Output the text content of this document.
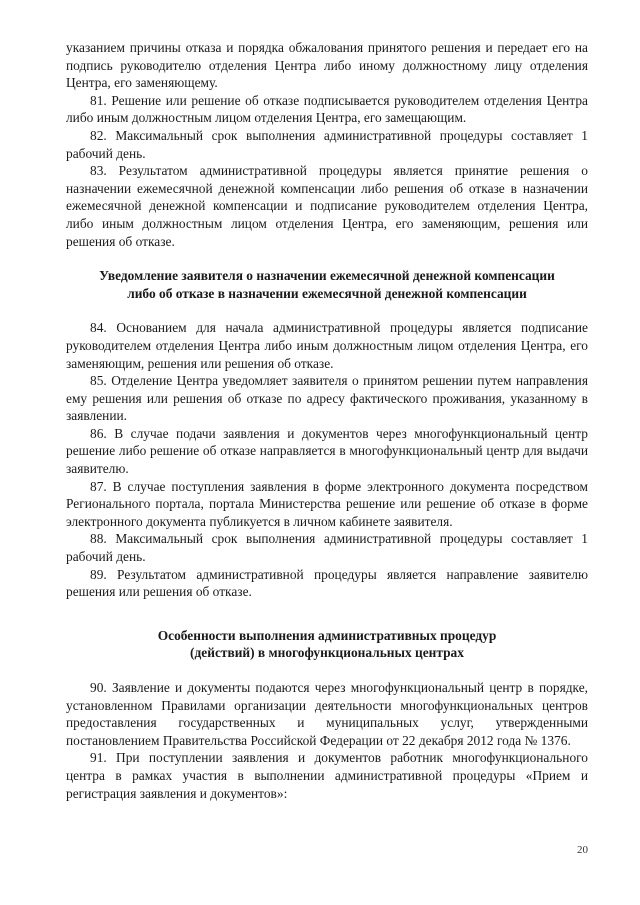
указанием причины отказа и порядка обжалования принятого решения и передает его на подпись руководителю отделения Центра либо иному должностному лицу отделения Центра, его заменяющему.

81. Решение или решение об отказе подписывается руководителем отделения Центра либо иным должностным лицом отделения Центра, его замещающим.

82. Максимальный срок выполнения административной процедуры составляет 1 рабочий день.

83. Результатом административной процедуры является принятие решения о назначении ежемесячной денежной компенсации либо решения об отказе в назначении ежемесячной денежной компенсации и подписание руководителем отделения Центра, либо иным должностным лицом отделения Центра, его заменяющим, решения или решения об отказе.

Уведомление заявителя о назначении ежемесячной денежной компенсации
либо об отказе в назначении ежемесячной денежной компенсации

84. Основанием для начала административной процедуры является подписание руководителем отделения Центра либо иным должностным лицом отделения Центра, его заменяющим, решения или решения об отказе.

85. Отделение Центра уведомляет заявителя о принятом решении путем направления ему решения или решения об отказе по адресу фактического проживания, указанному в заявлении.

86. В случае подачи заявления и документов через многофункциональный центр решение либо решение об отказе направляется в многофункциональный центр для выдачи заявителю.

87. В случае поступления заявления в форме электронного документа посредством Регионального портала, портала Министерства решение или решение об отказе в форме электронного документа публикуется в личном кабинете заявителя.

88. Максимальный срок выполнения административной процедуры составляет 1 рабочий день.

89. Результатом административной процедуры является направление заявителю решения или решения об отказе.

Особенности выполнения административных процедур
(действий) в многофункциональных центрах

90. Заявление и документы подаются через многофункциональный центр в порядке, установленном Правилами организации деятельности многофункциональных центров предоставления государственных и муниципальных услуг, утвержденными постановлением Правительства Российской Федерации от 22 декабря 2012 года № 1376.

91. При поступлении заявления и документов работник многофункционального центра в рамках участия в выполнении административной процедуры «Прием и регистрация заявления и документов»:

20
